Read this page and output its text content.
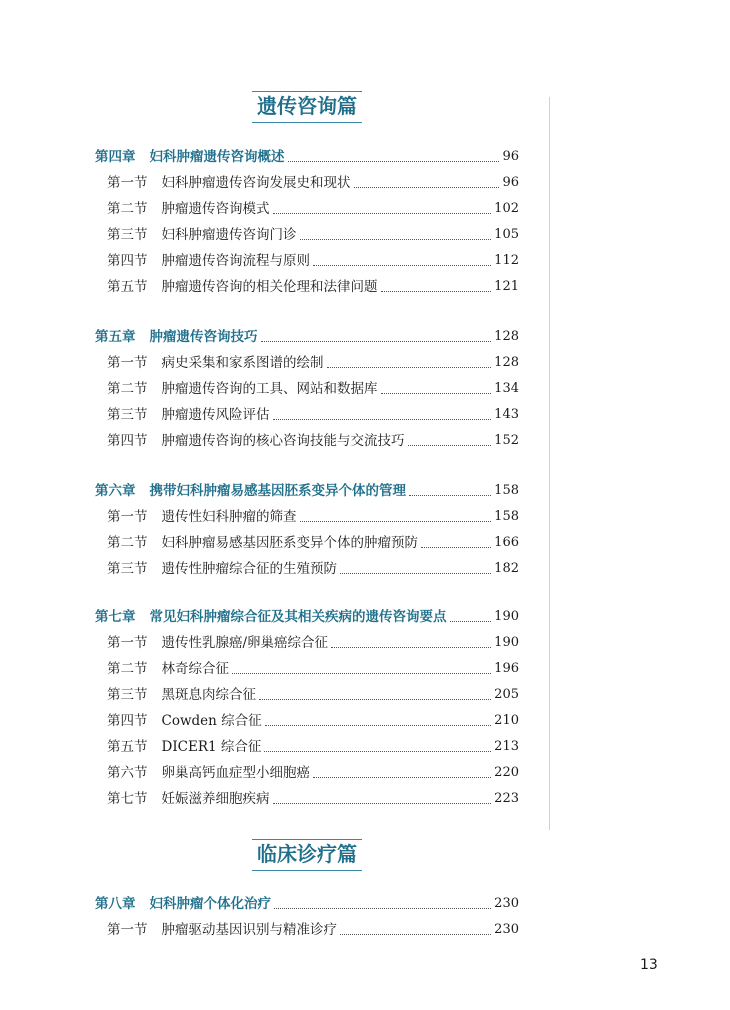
遗传咨询篇
第四章 妇科肿瘤遗传咨询概述	96
第一节 妇科肿瘤遗传咨询发展史和现状	96
第二节 肿瘤遗传咨询模式	102
第三节 妇科肿瘤遗传咨询门诊	105
第四节 肿瘤遗传咨询流程与原则	112
第五节 肿瘤遗传咨询的相关伦理和法律问题	121
第五章 肿瘤遗传咨询技巧	128
第一节 病史采集和家系图谱的绘制	128
第二节 肿瘤遗传咨询的工具、网站和数据库	134
第三节 肿瘤遗传风险评估	143
第四节 肿瘤遗传咨询的核心咨询技能与交流技巧	152
第六章 携带妇科肿瘤易感基因胚系变异个体的管理	158
第一节 遗传性妇科肿瘤的筛查	158
第二节 妇科肿瘤易感基因胚系变异个体的肿瘤预防	166
第三节 遗传性肿瘤综合征的生殖预防	182
第七章 常见妇科肿瘤综合征及其相关疾病的遗传咨询要点	190
第一节 遗传性乳腺癌/卵巢癌综合征	190
第二节 林奇综合征	196
第三节 黑斑息肉综合征	205
第四节 Cowden 综合征	210
第五节 DICER1 综合征	213
第六节 卵巢高钙血症型小细胞癌	220
第七节 妊娠滋养细胞疾病	223
临床诊疗篇
第八章 妇科肿瘤个体化治疗	230
第一节 肿瘤驱动基因识别与精准诊疗	230
13
